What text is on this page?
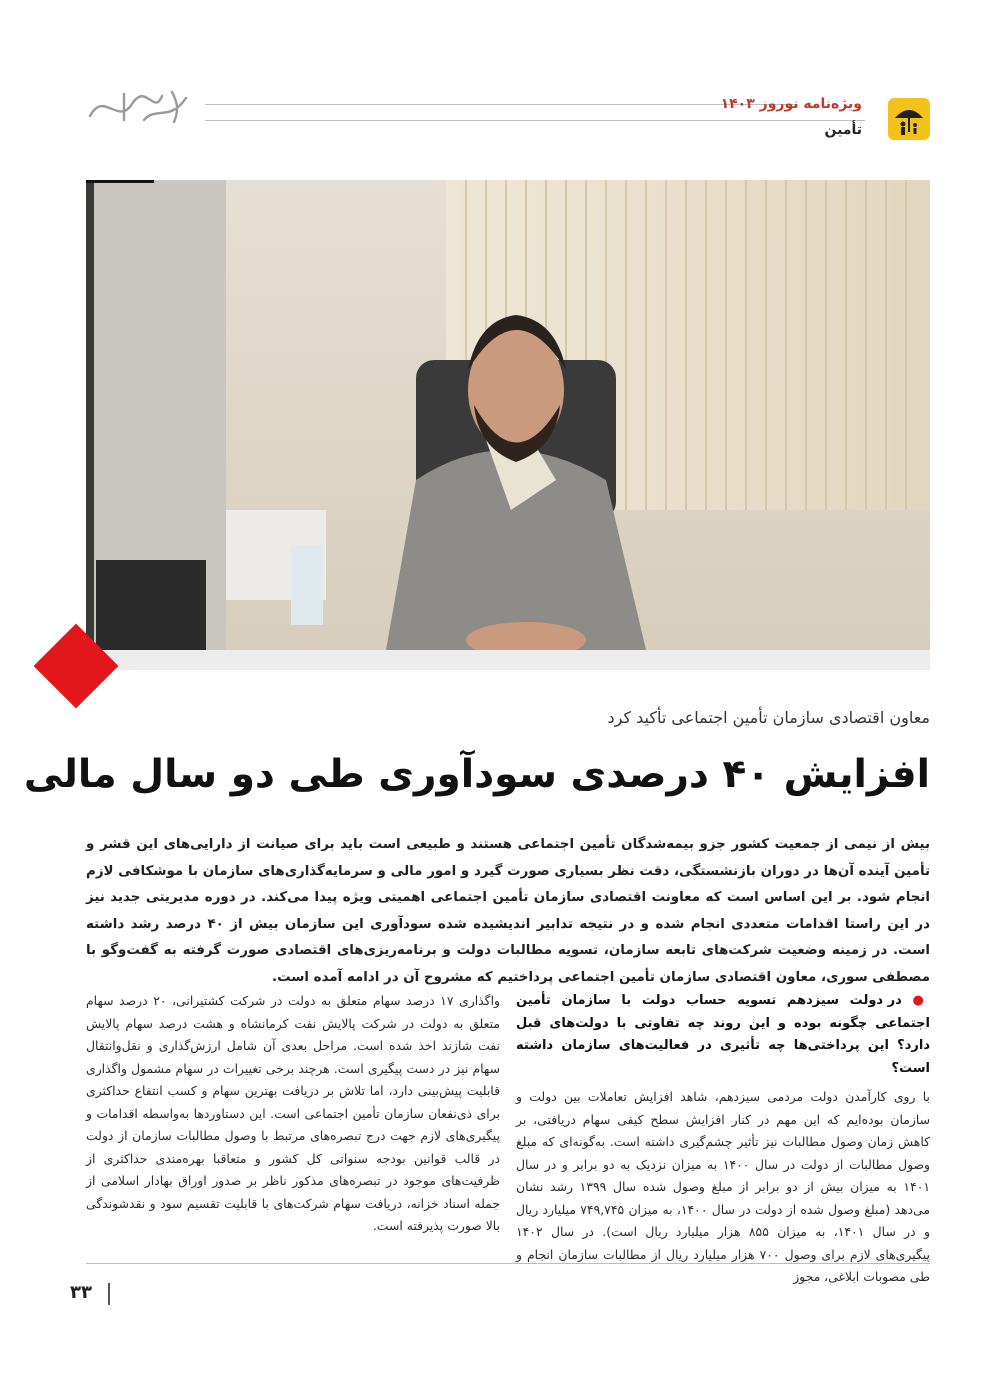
ویژه‌نامه نوروز ۱۴۰۳
تأمین
معاون اقتصادی سازمان تأمین اجتماعی تأکید کرد
افزایش ۴۰ درصدی سودآوری طی دو سال مالی
بیش از نیمی از جمعیت کشور جزو بیمه‌شدگان تأمین اجتماعی هستند و طبیعی است باید برای صیانت از دارایی‌های این قشر و تأمین آینده آن‌ها در دوران بازنشستگی، دقت نظر بسیاری صورت گیرد و امور مالی و سرمایه‌گذاری‌های سازمان با موشکافی لازم انجام شود. بر این اساس است که معاونت اقتصادی سازمان تأمین اجتماعی اهمیتی ویژه پیدا می‌کند. در دوره مدیریتی جدید نیز در این راستا اقدامات متعددی انجام شده و در نتیجه تدابیر اندیشیده شده سودآوری این سازمان بیش از ۴۰ درصد رشد داشته است. در زمینه وضعیت شرکت‌های تابعه سازمان، تسویه مطالبات دولت و برنامه‌ریزی‌های اقتصادی صورت گرفته به گفت‌وگو با مصطفی سوری، معاون اقتصادی سازمان تأمین اجتماعی پرداختیم که مشروح آن در ادامه آمده است.

● در دولت سیزدهم تسویه حساب دولت با سازمان تأمین اجتماعی چگونه بوده و این روند چه تفاوتی با دولت‌های قبل دارد؟ این پرداختی‌ها چه تأثیری در فعالیت‌های سازمان داشته است؟

با روی کارآمدن دولت مردمی سیزدهم، شاهد افزایش تعاملات بین دولت و سازمان بوده‌ایم که این مهم در کنار افزایش سطح کیفی سهام دریافتی، بر کاهش زمان وصول مطالبات نیز تأثیر چشم‌گیری داشته است. به‌گونه‌ای که مبلغ وصول مطالبات از دولت در سال ۱۴۰۰ به میزان نزدیک به دو برابر و در سال ۱۴۰۱ به میزان بیش از دو برابر از مبلغ وصول شده سال ۱۳۹۹ رشد نشان می‌دهد (مبلغ وصول شده از دولت در سال ۱۴۰۰، به میزان ۷۴۹,۷۴۵ میلیارد ریال و در سال ۱۴۰۱، به میزان ۸۵۵ هزار میلیارد ریال است). در سال ۱۴۰۲ پیگیری‌های لازم برای وصول ۷۰۰ هزار میلیارد ریال از مطالبات سازمان انجام و طی مصوبات ابلاغی، مجوز

واگذاری ۱۷ درصد سهام متعلق به دولت در شرکت کشتیرانی، ۲۰ درصد سهام متعلق به دولت در شرکت پالایش نفت کرمانشاه و هشت درصد سهام پالایش نفت شازند اخذ شده است. مراحل بعدی آن شامل ارزش‌گذاری و نقل‌وانتقال سهام نیز در دست پیگیری است. هرچند برخی تغییرات در سهام مشمول واگذاری قابلیت پیش‌بینی دارد، اما تلاش بر دریافت بهترین سهام و کسب انتفاع حداکثری برای ذی‌نفعان سازمان تأمین اجتماعی است. این دستاوردها به‌واسطه اقدامات و پیگیری‌های لازم جهت درج تبصره‌های مرتبط با وصول مطالبات سازمان از دولت در قالب قوانین بودجه سنواتی کل کشور و متعاقبا بهره‌مندی حداکثری از ظرفیت‌های موجود در تبصره‌های مذکور ناظر بر صدور اوراق بهادار اسلامی از جمله اسناد خزانه، دریافت سهام شرکت‌های با قابلیت تقسیم سود و نقدشوندگی بالا صورت پذیرفته است.

۳۳
